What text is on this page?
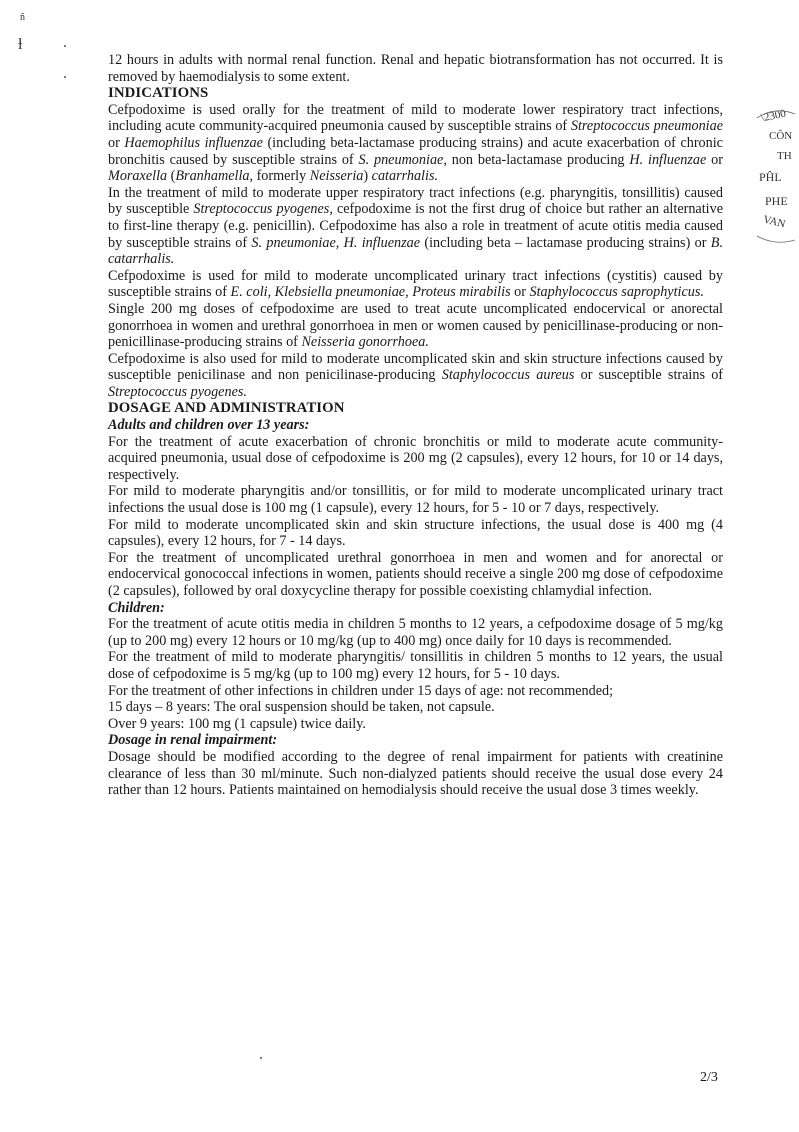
ñ
ɫ
\2300
CÔN
TH
PĤL
PHE
VAN

12 hours in adults with normal renal function. Renal and hepatic biotransformation has not occurred. It is removed by haemodialysis to some extent.

INDICATIONS

Cefpodoxime is used orally for the treatment of mild to moderate lower respiratory tract infections, including acute community-acquired pneumonia caused by susceptible strains of Streptococcus pneumoniae or Haemophilus influenzae (including beta-lactamase producing strains) and acute exacerbation of chronic bronchitis caused by susceptible strains of S. pneumoniae, non beta-lactamase producing H. influenzae or Moraxella (Branhamella, formerly Neisseria) catarrhalis.

In the treatment of mild to moderate upper respiratory tract infections (e.g. pharyngitis, tonsillitis) caused by susceptible Streptococcus pyogenes, cefpodoxime is not the first drug of choice but rather an alternative to first-line therapy (e.g. penicillin). Cefpodoxime has also a role in treatment of acute otitis media caused by susceptible strains of S. pneumoniae, H. influenzae (including beta – lactamase producing strains) or B. catarrhalis.

Cefpodoxime is used for mild to moderate uncomplicated urinary tract infections (cystitis) caused by susceptible strains of E. coli, Klebsiella pneumoniae, Proteus mirabilis or Staphylococcus saprophyticus.

Single 200 mg doses of cefpodoxime are used to treat acute uncomplicated endocervical or anorectal gonorrhoea in women and urethral gonorrhoea in men or women caused by penicillinase-producing or non-penicillinase-producing strains of Neisseria gonorrhoea.

Cefpodoxime is also used for mild to moderate uncomplicated skin and skin structure infections caused by susceptible penicilinase and non penicilinase-producing Staphylococcus aureus or susceptible strains of Streptococcus pyogenes.

DOSAGE AND ADMINISTRATION

Adults and children over 13 years:

For the treatment of acute exacerbation of chronic bronchitis or mild to moderate acute community-acquired pneumonia, usual dose of cefpodoxime is 200 mg (2 capsules), every 12 hours, for 10 or 14 days, respectively.

For mild to moderate pharyngitis and/or tonsillitis, or for mild to moderate uncomplicated urinary tract infections the usual dose is 100 mg (1 capsule), every 12 hours, for 5 - 10 or 7 days, respectively.

For mild to moderate uncomplicated skin and skin structure infections, the usual dose is 400 mg (4 capsules), every 12 hours, for 7 - 14 days.

For the treatment of uncomplicated urethral gonorrhoea in men and women and for anorectal or endocervical gonococcal infections in women, patients should receive a single 200 mg dose of cefpodoxime (2 capsules), followed by oral doxycycline therapy for possible coexisting chlamydial infection.

Children:

For the treatment of acute otitis media in children 5 months to 12 years, a cefpodoxime dosage of 5 mg/kg (up to 200 mg) every 12 hours or 10 mg/kg (up to 400 mg) once daily for 10 days is recommended.

For the treatment of mild to moderate pharyngitis/ tonsillitis in children 5 months to 12 years, the usual dose of cefpodoxime is 5 mg/kg (up to 100 mg) every 12 hours, for 5 - 10 days.

For the treatment of other infections in children under 15 days of age: not recommended;

15 days – 8 years: The oral suspension should be taken, not capsule.

Over 9 years: 100 mg (1 capsule) twice daily.

Dosage in renal impairment:

Dosage should be modified according to the degree of renal impairment for patients with creatinine clearance of less than 30 ml/minute. Such non-dialyzed patients should receive the usual dose every 24 rather than 12 hours. Patients maintained on hemodialysis should receive the usual dose 3 times weekly.

2/3
